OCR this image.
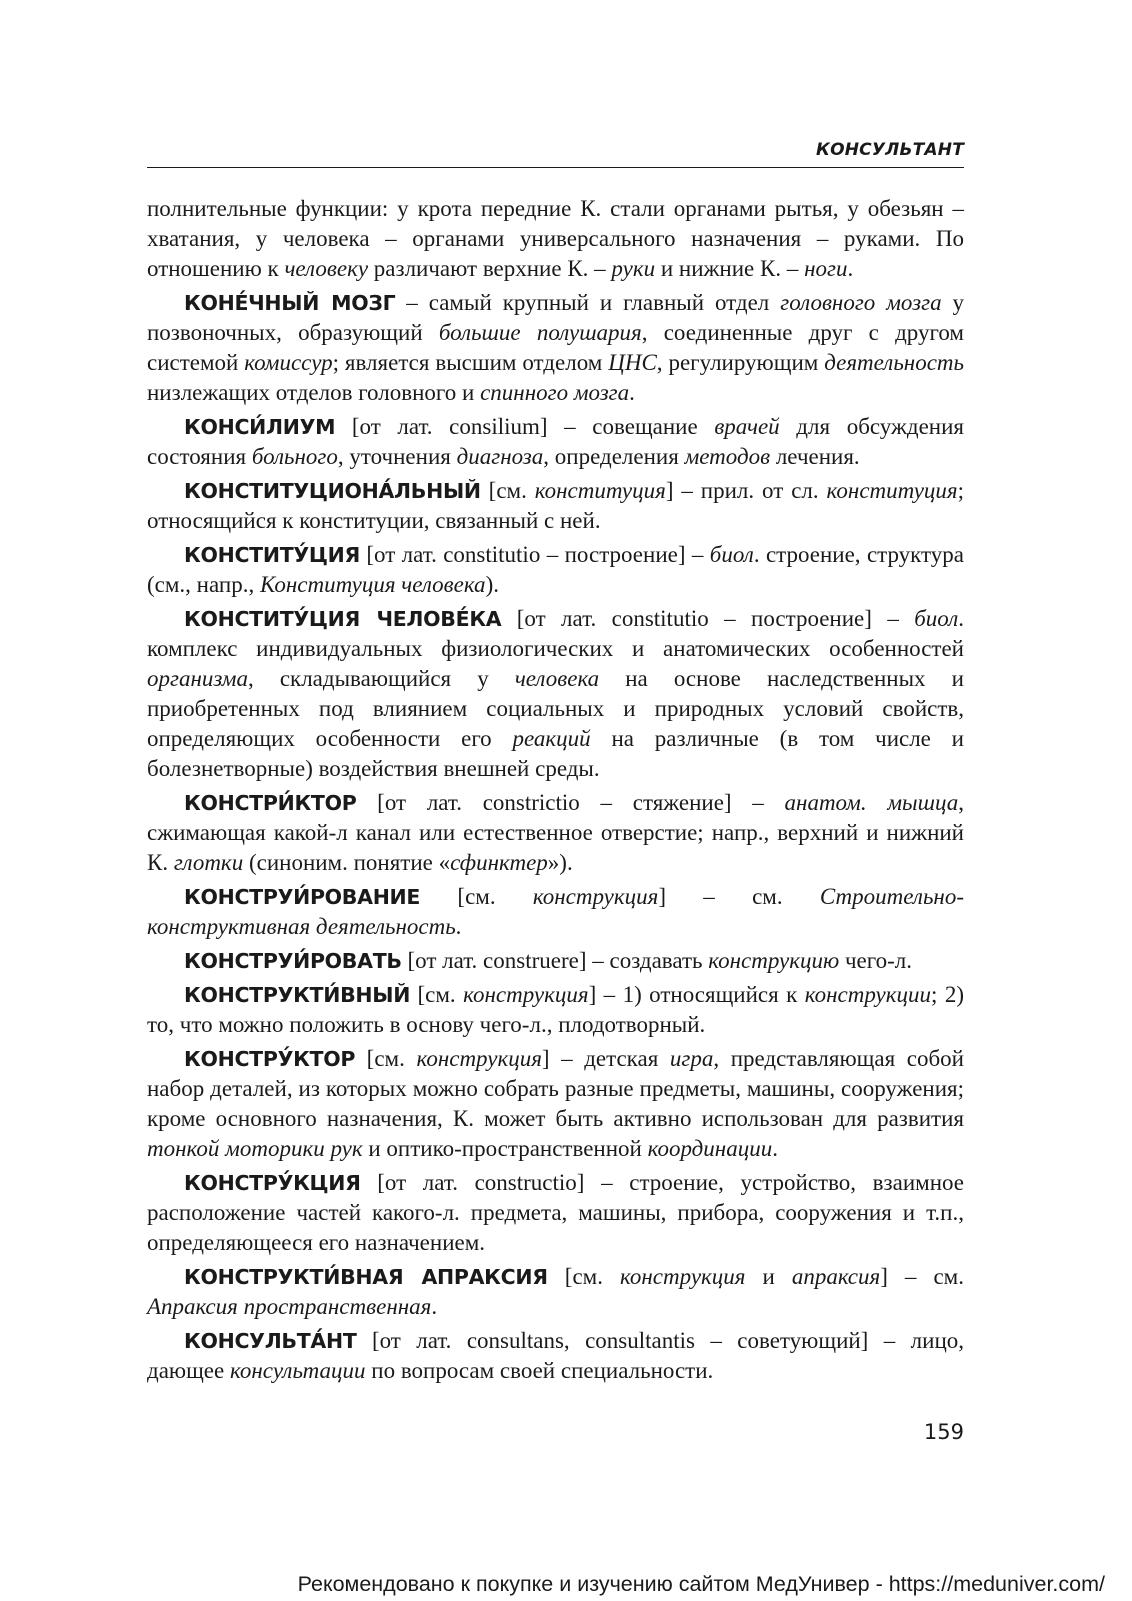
КОНСУЛЬТАНТ

полнительные функции: у крота передние К. стали органами рытья, у обезьян – хватания, у человека – органами универсального назначения – руками. По отношению к человеку различают верхние К. – руки и нижние К. – ноги.

КОНЕ́ЧНЫЙ МОЗГ – самый крупный и главный отдел головного мозга у позвоночных, образующий большие полушария, соединенные друг с другом системой комиссур; является высшим отделом ЦНС, регулирующим деятельность низлежащих отделов головного и спинного мозга.

КОНСИ́ЛИУМ [от лат. consilium] – совещание врачей для обсуждения состояния больного, уточнения диагноза, определения методов лечения.

КОНСТИТУЦИОНА́ЛЬНЫЙ [см. конституция] – прил. от сл. конституция; относящийся к конституции, связанный с ней.

КОНСТИТУ́ЦИЯ [от лат. constitutio – построение] – биол. строение, структура (см., напр., Конституция человека).

КОНСТИТУ́ЦИЯ ЧЕЛОВЕ́КА [от лат. constitutio – построение] – биол. комплекс индивидуальных физиологических и анатомических особенностей организма, складывающийся у человека на основе наследственных и приобретенных под влиянием социальных и природных условий свойств, определяющих особенности его реакций на различные (в том числе и болезнетворные) воздействия внешней среды.

КОНСТРИ́КТОР [от лат. constrictio – стяжение] – анатом. мышца, сжимающая какой-л канал или естественное отверстие; напр., верхний и нижний К. глотки (синоним. понятие «сфинктер»).

КОНСТРУИ́РОВАНИЕ [см. конструкция] – см. Строительно-конструктивная деятельность.

КОНСТРУИ́РОВАТЬ [от лат. construere] – создавать конструкцию чего-л.

КОНСТРУКТИ́ВНЫЙ [см. конструкция] – 1) относящийся к конструкции; 2) то, что можно положить в основу чего-л., плодотворный.

КОНСТРУ́КТОР [см. конструкция] – детская игра, представляющая собой набор деталей, из которых можно собрать разные предметы, машины, сооружения; кроме основного назначения, К. может быть активно использован для развития тонкой моторики рук и оптико-пространственной координации.

КОНСТРУ́КЦИЯ [от лат. constructio] – строение, устройство, взаимное расположение частей какого-л. предмета, машины, прибора, сооружения и т.п., определяющееся его назначением.

КОНСТРУКТИ́ВНАЯ АПРАКСИЯ [см. конструкция и апраксия] – см. Апраксия пространственная.

КОНСУЛЬТА́НТ [от лат. consultans, consultantis – советующий] – лицо, дающее консультации по вопросам своей специальности.

159
Рекомендовано к покупке и изучению сайтом МедУнивер - https://meduniver.com/
